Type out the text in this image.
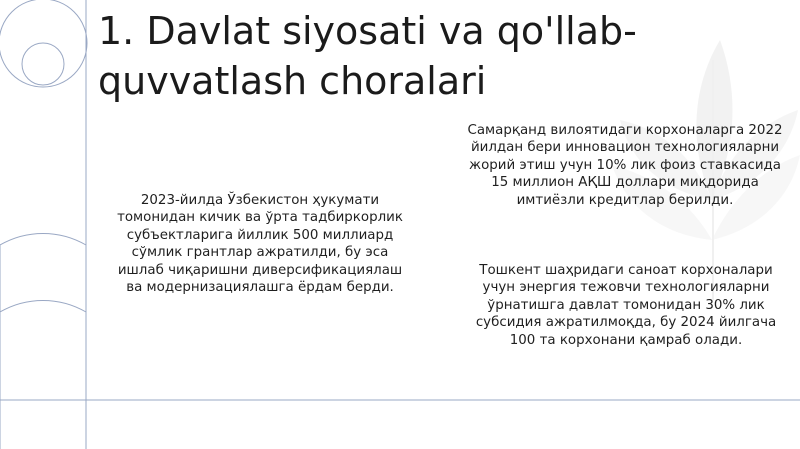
1. Davlat siyosati va qo'llab-quvvatlash choralari

2023-йилда Ўзбекистон ҳукумати томонидан кичик ва ўрта тадбиркорлик субъектларига йиллик 500 миллиард сўмлик грантлар ажратилди, бу эса ишлаб чиқаришни диверсификациялаш ва модернизациялашга ёрдам берди.

Самарқанд вилоятидаги корхоналарга 2022 йилдан бери инновацион технологияларни жорий этиш учун 10% лик фоиз ставкасида 15 миллион АҚШ доллари миқдорида имтиёзли кредитлар берилди.

Тошкент шаҳридаги саноат корхоналари учун энергия тежовчи технологияларни ўрнатишга давлат томонидан 30% лик субсидия ажратилмоқда, бу 2024 йилгача 100 та корхонани қамраб олади.
